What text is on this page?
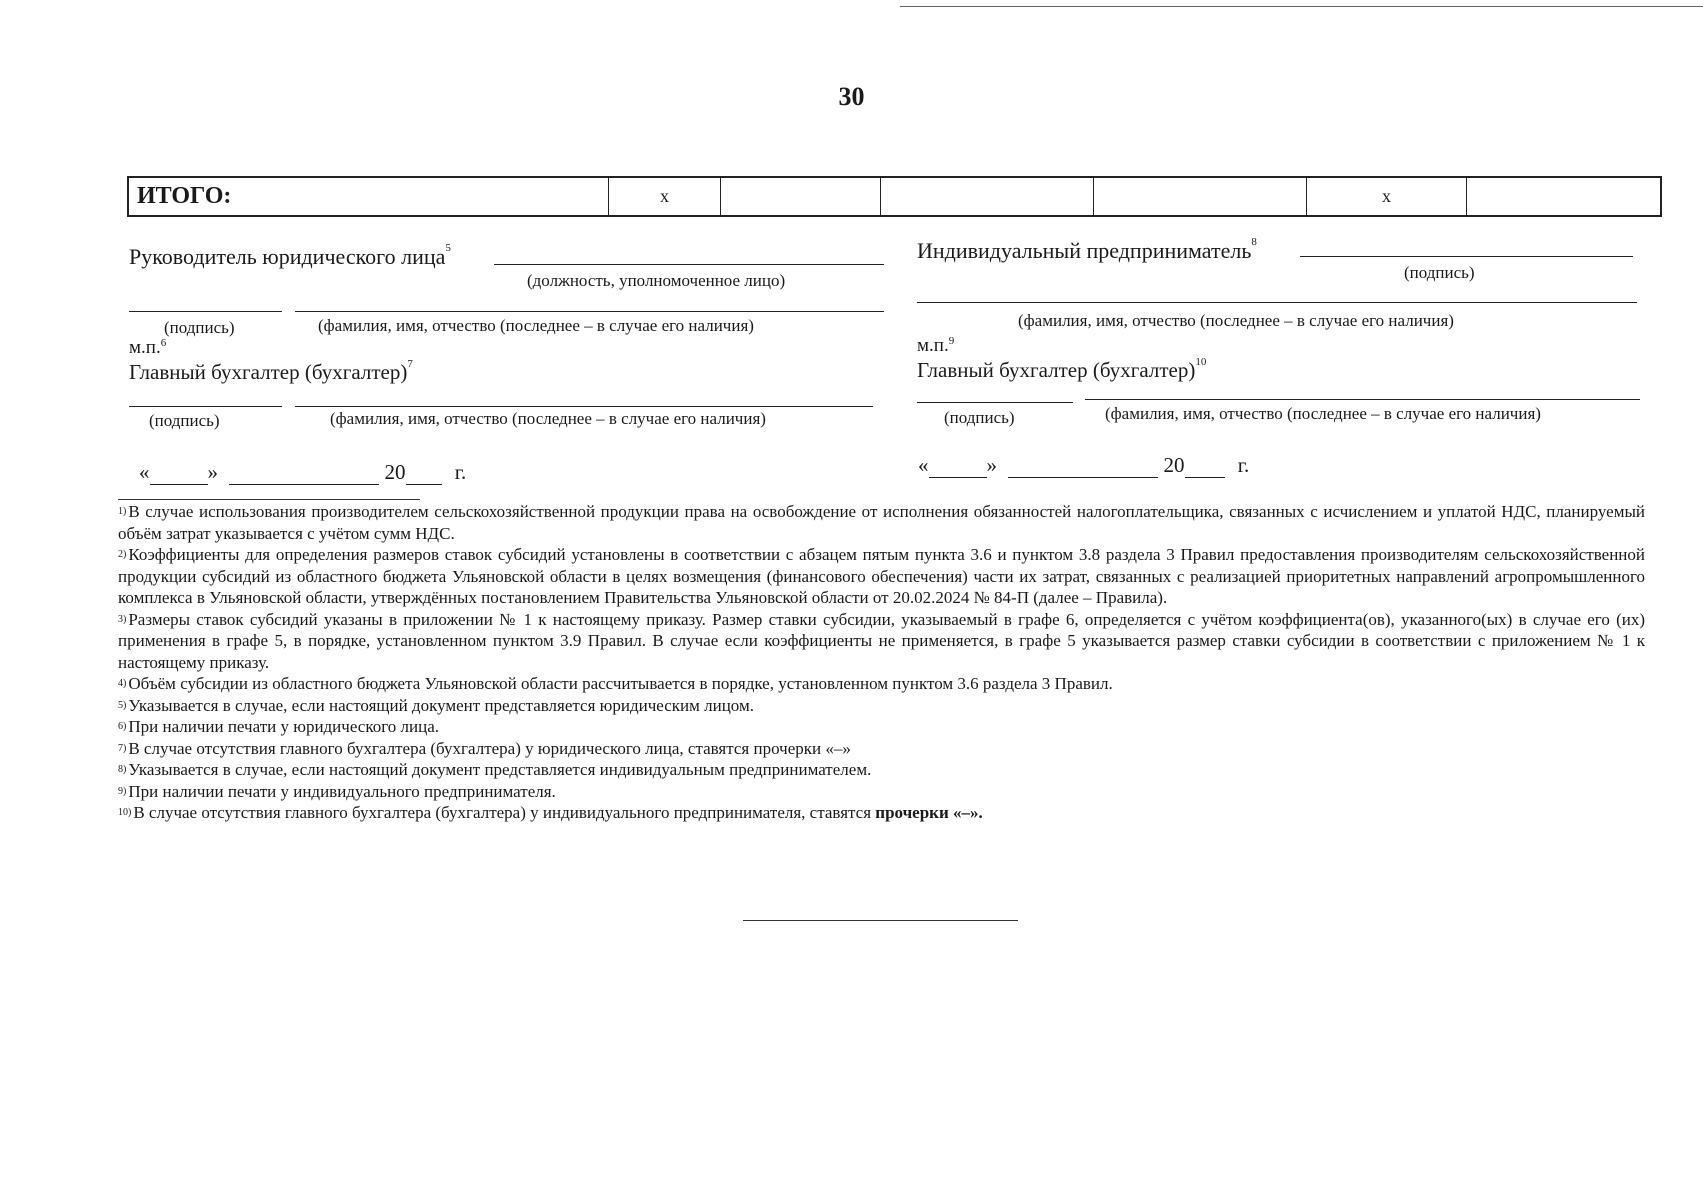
30
ИТОГО:	х				х	
Руководитель юридического лица$^5$
(должность, уполномоченное лицо)
(подпись)	(фамилия, имя, отчество (последнее – в случае его наличия)
м.п.$^6$
Главный бухгалтер (бухгалтер)$^7$
(подпись)	(фамилия, имя, отчество (последнее – в случае его наличия)
«	»	20 г.
Индивидуальный предприниматель$^8$
(подпись)
(фамилия, имя, отчество (последнее – в случае его наличия)
м.п.$^9$
Главный бухгалтер (бухгалтер)$^{10}$
(подпись)	(фамилия, имя, отчество (последнее – в случае его наличия)
«	»	20	г.

$^{1)}$ В случае использования производителем сельскохозяйственной продукции права на освобождение от исполнения обязанностей налогоплательщика, связанных с исчислением и уплатой НДС, планируемый объём затрат указывается с учётом сумм НДС.

$^{2)}$ Коэффициенты для определения размеров ставок субсидий установлены в соответствии с абзацем пятым пункта 3.6 и пунктом 3.8 раздела 3 Правил предоставления производителям сельскохозяйственной продукции субсидий из областного бюджета Ульяновской области в целях возмещения (финансового обеспечения) части их затрат, связанных с реализацией приоритетных направлений агропромышленного комплекса в Ульяновской области, утверждённых постановлением Правительства Ульяновской области от 20.02.2024 № 84-П (далее – Правила).

$^{3)}$ Размеры ставок субсидий указаны в приложении № 1 к настоящему приказу. Размер ставки субсидии, указываемый в графе 6, определяется с учётом коэффициента(ов), указанного(ых) в случае его (их) применения в графе 5, в порядке, установленном пунктом 3.9 Правил. В случае если коэффициенты не применяется, в графе 5 указывается размер ставки субсидии в соответствии с приложением № 1 к настоящему приказу.

$^{4)}$ Объём субсидии из областного бюджета Ульяновской области рассчитывается в порядке, установленном пунктом 3.6 раздела 3 Правил.

$^{5)}$ Указывается в случае, если настоящий документ представляется юридическим лицом.

$^{6)}$ При наличии печати у юридического лица.

$^{7)}$ В случае отсутствия главного бухгалтера (бухгалтера) у юридического лица, ставятся прочерки «–»

$^{8)}$ Указывается в случае, если настоящий документ представляется индивидуальным предпринимателем.

$^{9)}$ При наличии печати у индивидуального предпринимателя.

$^{10)}$ В случае отсутствия главного бухгалтера (бухгалтера) у индивидуального предпринимателя, ставятся прочерки «–».
